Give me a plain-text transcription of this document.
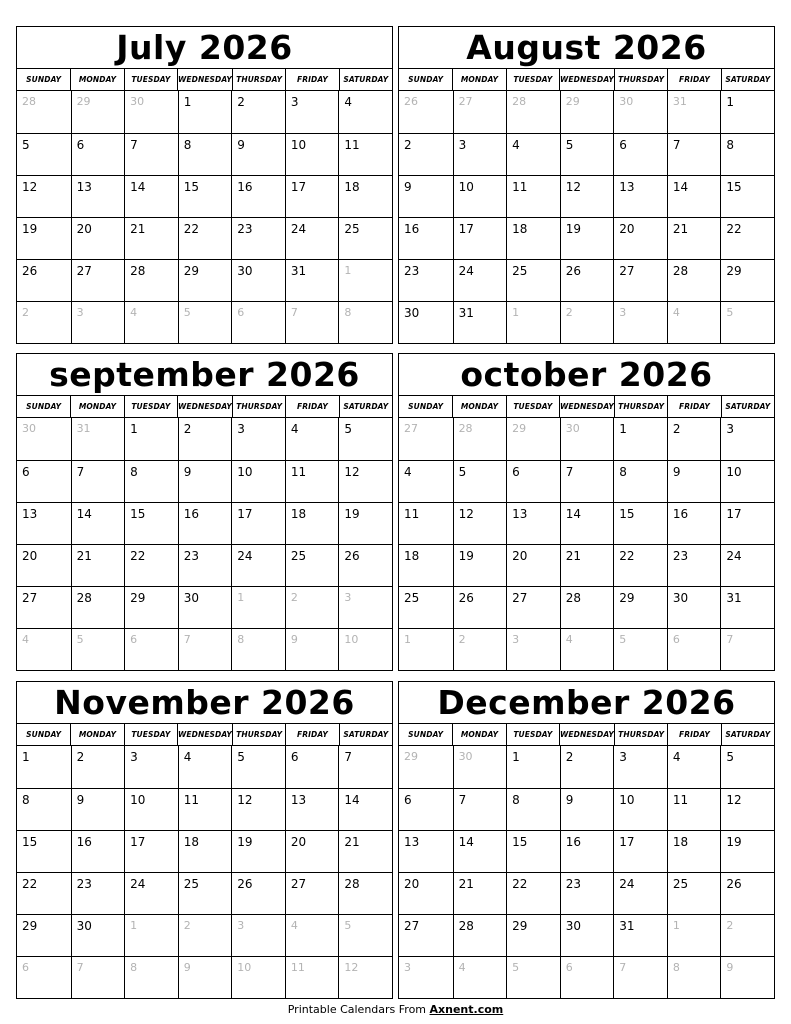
July 2026
SUNDAY	MONDAY	TUESDAY	WEDNESDAY THURSDAY	FRIDAY	SATURDAY
28	29	30	1	2	3	4
5	6	7	8	9	10	11
12	13	14	15	16	17	18
19	20	21	22	23	24	25
26	27	28	29	30	31	1
2	3	4	5	6	7	8
August 2026
SUNDAY	MONDAY	TUESDAY	WEDNESDAY THURSDAY	FRIDAY	SATURDAY
26	27	28	29	30	31	1
2	3	4	5	6	7	8
9	10	11	12	13	14	15
16	17	18	19	20	21	22
23	24	25	26	27	28	29
30	31	1	2	3	4	5
september 2026
SUNDAY	MONDAY	TUESDAY	WEDNESDAY THURSDAY	FRIDAY	SATURDAY
30	31	1	2	3	4	5
6	7	8	9	10	11	12
13	14	15	16	17	18	19
20	21	22	23	24	25	26
27	28	29	30	1	2	3
4	5	6	7	8	9	10
october 2026
SUNDAY	MONDAY	TUESDAY	WEDNESDAY THURSDAY	FRIDAY	SATURDAY
27	28	29	30	1	2	3
4	5	6	7	8	9	10
11	12	13	14	15	16	17
18	19	20	21	22	23	24
25	26	27	28	29	30	31
1	2	3	4	5	6	7
November 2026
SUNDAY	MONDAY	TUESDAY	WEDNESDAY THURSDAY	FRIDAY	SATURDAY
1	2	3	4	5	6	7
8	9	10	11	12	13	14
15	16	17	18	19	20	21
22	23	24	25	26	27	28
29	30	1	2	3	4	5
6	7	8	9	10	11	12
December 2026
SUNDAY	MONDAY	TUESDAY	WEDNESDAY THURSDAY	FRIDAY	SATURDAY
29	30	1	2	3	4	5
6	7	8	9	10	11	12
13	14	15	16	17	18	19
20	21	22	23	24	25	26
27	28	29	30	31	1	2
3	4	5	6	7	8	9
Printable Calendars From Axnent.com
